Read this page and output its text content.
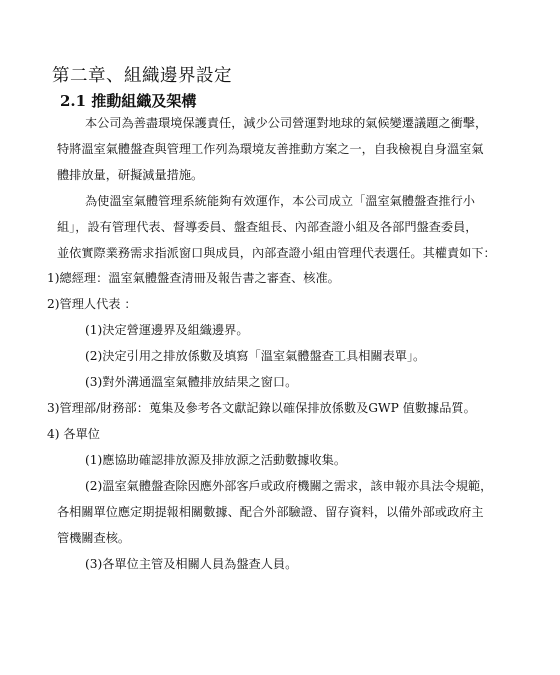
第二章、組織邊界設定
2.1 推動組織及架構
本公司為善盡環境保護責任，減少公司營運對地球的氣候變遷議題之衝擊，
特將溫室氣體盤查與管理工作列為環境友善推動方案之一，自我檢視自身溫室氣
體排放量，研擬減量措施。
為使溫室氣體管理系統能夠有效運作，本公司成立「溫室氣體盤查推行小
組」，設有管理代表、督導委員、盤查組長、內部查證小組及各部門盤查委員，
並依實際業務需求指派窗口與成員，內部查證小組由管理代表選任。其權責如下：
1)總經理：溫室氣體盤查清冊及報告書之審查、核准。
2)管理人代表 ：
(1)決定營運邊界及組織邊界。
(2)決定引用之排放係數及填寫「溫室氣體盤查工具相關表單」。
(3)對外溝通溫室氣體排放結果之窗口。
3)管理部/財務部：蒐集及參考各文獻記錄以確保排放係數及GWP 值數據品質。
4) 各單位
(1)應協助確認排放源及排放源之活動數據收集。
(2)溫室氣體盤查除因應外部客戶或政府機關之需求，該申報亦具法令規範，
各相關單位應定期提報相關數據、配合外部驗證、留存資料，以備外部或政府主
管機關查核。
(3)各單位主管及相關人員為盤查人員。
